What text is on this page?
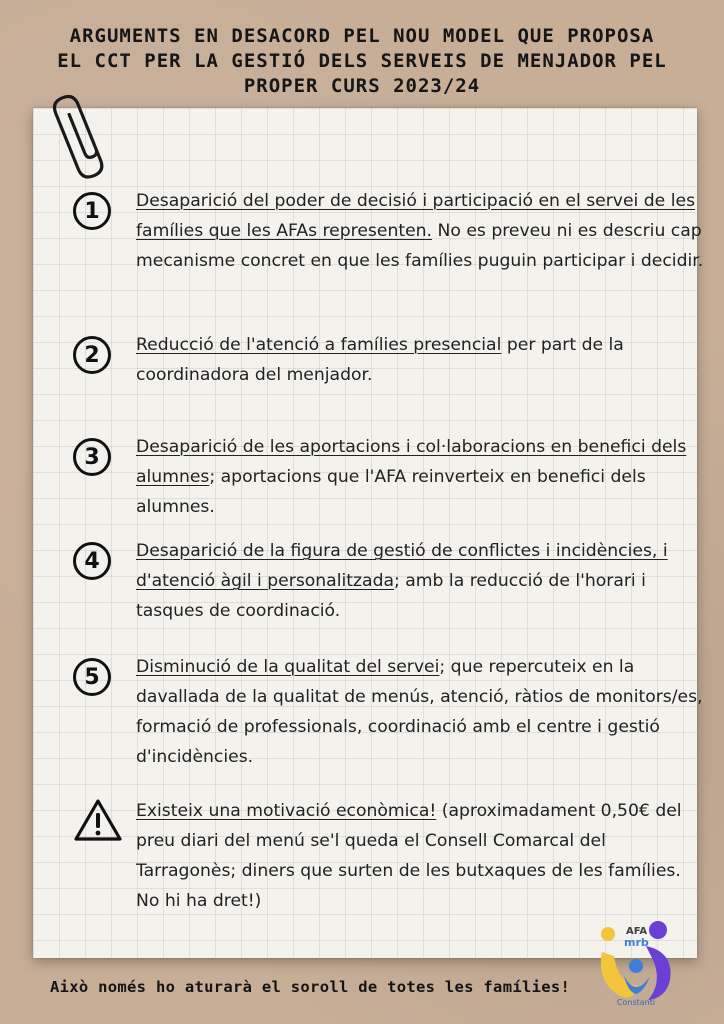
ARGUMENTS EN DESACORD PEL NOU MODEL QUE PROPOSA
EL CCT PER LA GESTIÓ DELS SERVEIS DE MENJADOR PEL
PROPER CURS 2023/24
1	Desaparició del poder de decisió i participació en el servei de les famílies que les AFAs representen. No es preveu ni es descriu cap mecanisme concret en que les famílies puguin participar i decidir.
2	Reducció de l'atenció a famílies presencial per part de la coordinadora del menjador.
3	Desaparició de les aportacions i col·laboracions en benefici dels alumnes; aportacions que l'AFA reinverteix en benefici dels alumnes.
4	Desaparició de la figura de gestió de conflictes i incidències, i d'atenció àgil i personalitzada; amb la reducció de l'horari i tasques de coordinació.
5	Disminució de la qualitat del servei; que repercuteix en la davallada de la qualitat de menús, atenció, ràtios de monitors/es, formació de professionals, coordinació amb el centre i gestió d'incidències.
Existeix una motivació econòmica! (aproximadament 0,50€ del preu diari del menú se'l queda el Consell Comarcal del Tarragonès; diners que surten de les butxaques de les famílies. No hi ha dret!)
Això només ho aturarà el soroll de totes les famílies!
AFA
mrb
Constantí
